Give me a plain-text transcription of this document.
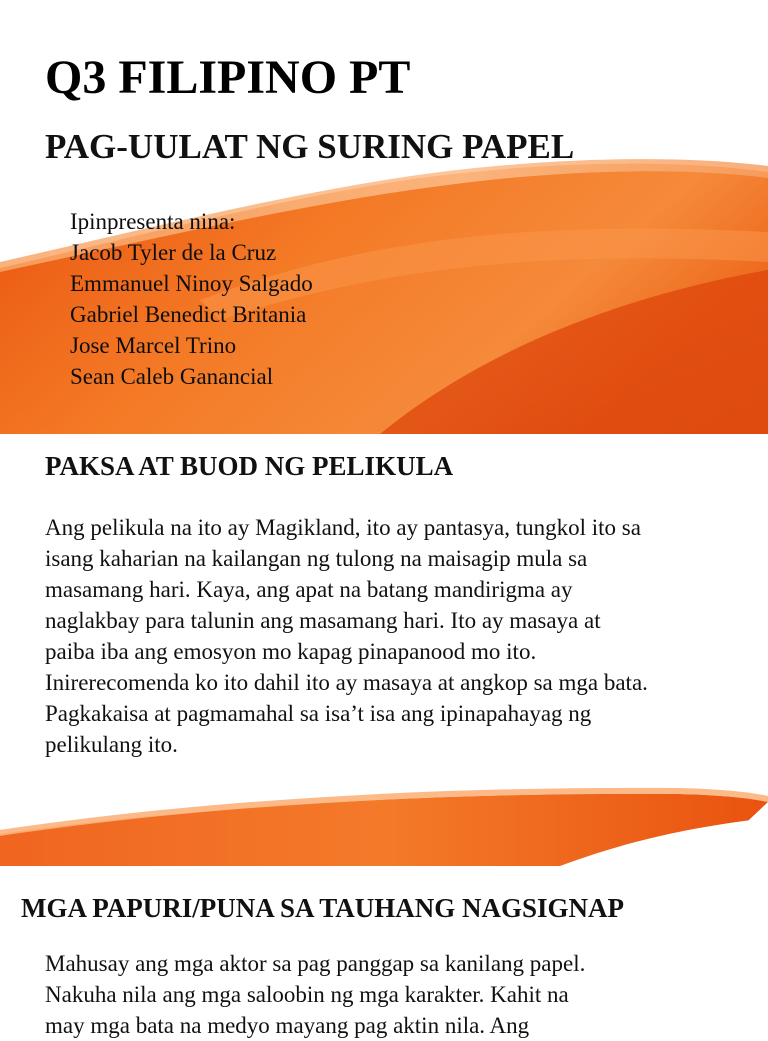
Q3 FILIPINO PT
PAG-UULAT NG SURING PAPEL
Ipinpresenta nina:
Jacob Tyler de la Cruz
Emmanuel Ninoy Salgado
Gabriel Benedict Britania
Jose Marcel Trino
Sean Caleb Ganancial
PAKSA AT BUOD NG PELIKULA

Ang pelikula na ito ay Magikland, ito ay pantasya, tungkol ito sa
isang kaharian na kailangan ng tulong na maisagip mula sa
masamang hari. Kaya, ang apat na batang mandirigma ay
naglakbay para talunin ang masamang hari. Ito ay masaya at
paiba iba ang emosyon mo kapag pinapanood mo ito.
Inirerecomenda ko ito dahil ito ay masaya at angkop sa mga bata.
Pagkakaisa at pagmamahal sa isa’t isa ang ipinapahayag ng
pelikulang ito.

MGA PAPURI/PUNA SA TAUHANG NAGSIGNAP

Mahusay ang mga aktor sa pag panggap sa kanilang papel.
Nakuha nila ang mga saloobin ng mga karakter. Kahit na
may mga bata na medyo mayang pag aktin nila. Ang
